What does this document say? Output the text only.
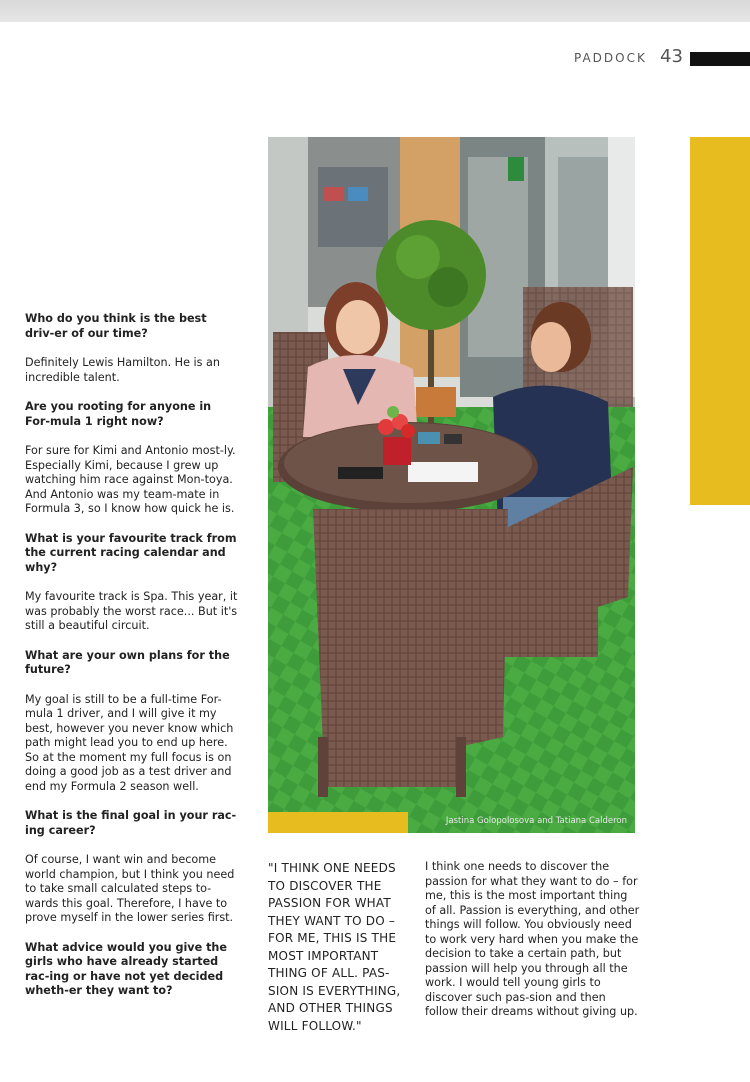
PADDOCK 43

Who do you think is the best driv-er of our time?

Definitely Lewis Hamilton. He is an incredible talent.

Are you rooting for anyone in For-mula 1 right now?

For sure for Kimi and Antonio most-ly. Especially Kimi, because I grew up watching him race against Mon-toya. And Antonio was my team-mate in Formula 3, so I know how quick he is.

What is your favourite track from the current racing calendar and why?

My favourite track is Spa. This year, it was probably the worst race... But it's still a beautiful circuit.

What are your own plans for the future?

My goal is still to be a full-time For-mula 1 driver, and I will give it my best, however you never know which path might lead you to end up here. So at the moment my full focus is on doing a good job as a test driver and end my Formula 2 season well.

What is the final goal in your rac-ing career?

Of course, I want win and become world champion, but I think you need to take small calculated steps to-wards this goal. Therefore, I have to prove myself in the lower series first.

What advice would you give the girls who have already started rac-ing or have not yet decided wheth-er they want to?

Jastina Golopolosova and Tatiana Calderon
"I THINK ONE NEEDS TO DISCOVER THE PASSION FOR WHAT THEY WANT TO DO – FOR ME, THIS IS THE MOST IMPORTANT THING OF ALL. PAS-SION IS EVERYTHING, AND OTHER THINGS WILL FOLLOW."

I think one needs to discover the passion for what they want to do – for me, this is the most important thing of all. Passion is everything, and other things will follow. You obviously need to work very hard when you make the decision to take a certain path, but passion will help you through all the work. I would tell young girls to discover such pas-sion and then follow their dreams without giving up.
